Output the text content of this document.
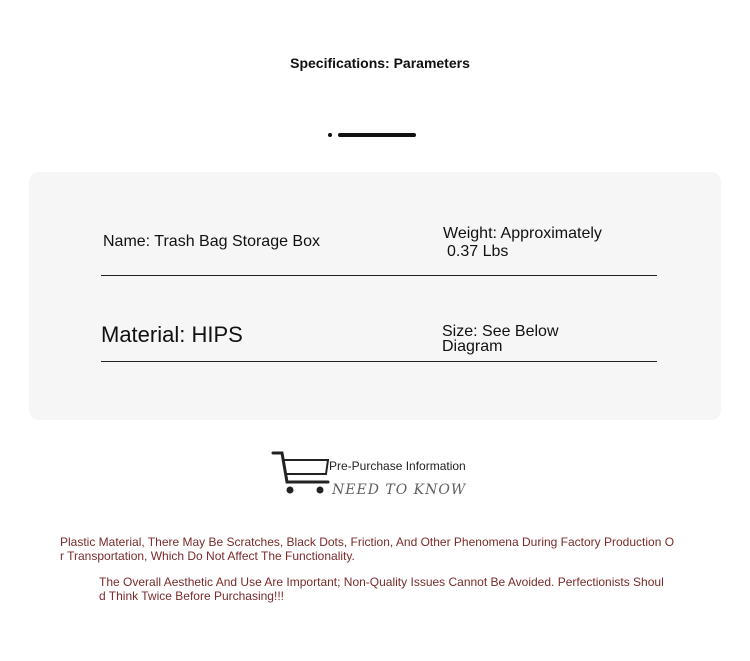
Specifications: Parameters
Name: Trash Bag Storage Box	Weight: Approximately
0.37 Lbs
Material: HIPS	Size: See Below Diagram
Pre-Purchase Information
NEED TO KNOW
Plastic Material, There May Be Scratches, Black Dots, Friction, And Other Phenomena During Factory Production Or Transportation, Which Do Not Affect The Functionality.
The Overall Aesthetic And Use Are Important; Non-Quality Issues Cannot Be Avoided. Perfectionists Should Think Twice Before Purchasing!!!
